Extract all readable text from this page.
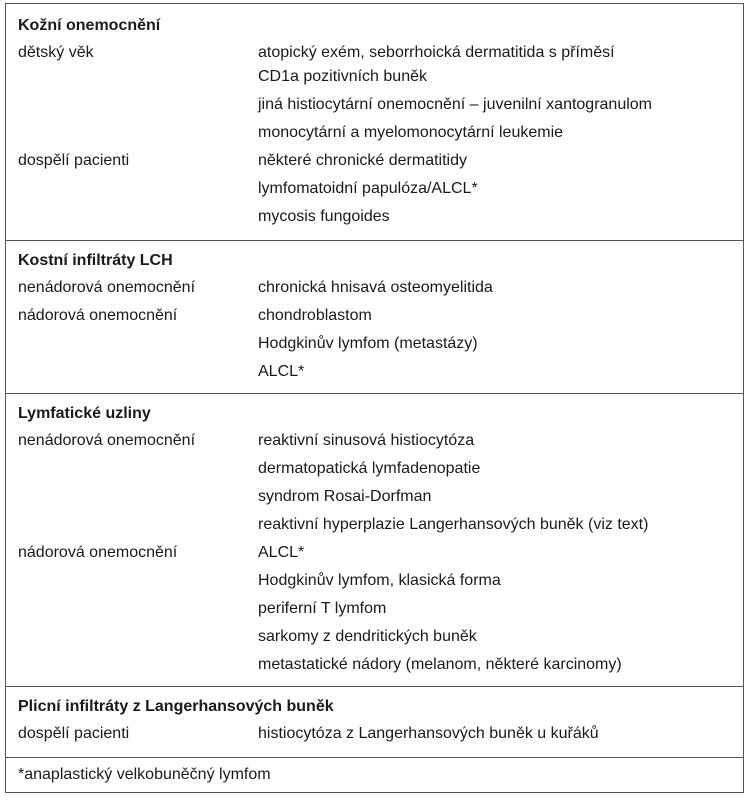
Kožní onemocnění
dětský věk	atopický exém, seborrhoická dermatitida s příměsí
CD1a pozitivních buněk
jiná histiocytární onemocnění – juvenilní xantogranulom
monocytární a myelomonocytární leukemie
dospělí pacienti	některé chronické dermatitidy
lymfomatoidní papulóza/ALCL*
mycosis fungoides
Kostní infiltráty LCH
nenádorová onemocnění	chronická hnisavá osteomyelitida
nádorová onemocnění	chondroblastom
Hodgkinův lymfom (metastázy)
ALCL*
Lymfatické uzliny
nenádorová onemocnění	reaktivní sinusová histiocytóza
dermatopatická lymfadenopatie
syndrom Rosai-Dorfman
reaktivní hyperplazie Langerhansových buněk (viz text)
nádorová onemocnění	ALCL*
Hodgkinův lymfom, klasická forma
periferní T lymfom
sarkomy z dendritických buněk
metastatické nádory (melanom, některé karcinomy)
Plicní infiltráty z Langerhansových buněk
dospělí pacienti	histiocytóza z Langerhansových buněk u kuřáků
*anaplastický velkobuněčný lymfom
